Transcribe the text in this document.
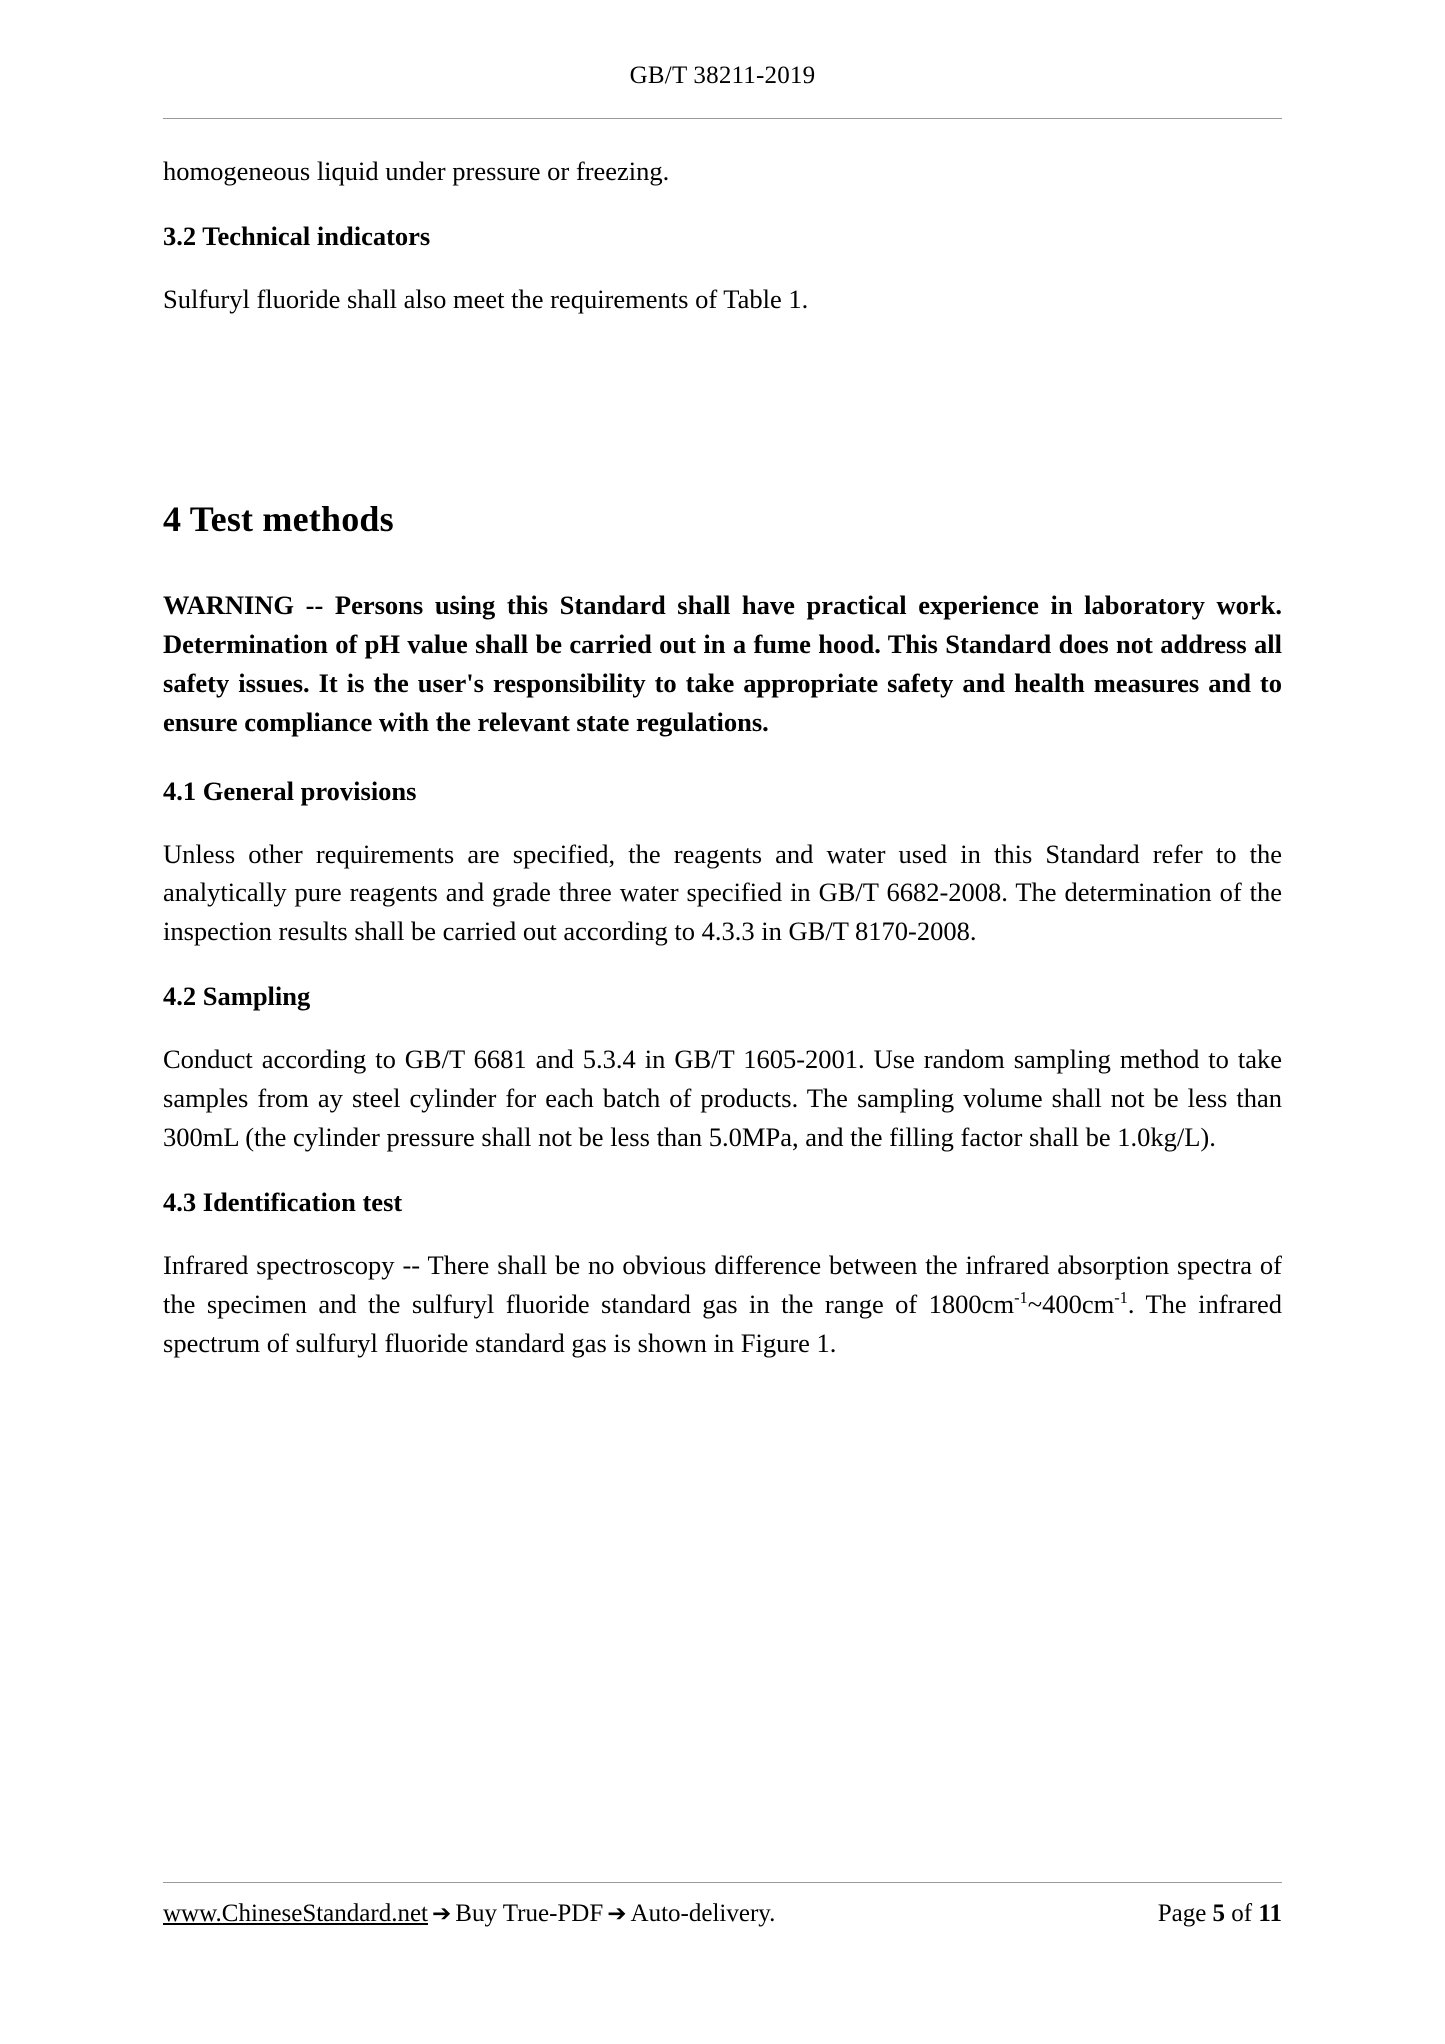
GB/T 38211-2019

homogeneous liquid under pressure or freezing.

3.2 Technical indicators

Sulfuryl fluoride shall also meet the requirements of Table 1.

4 Test methods

WARNING -- Persons using this Standard shall have practical experience in laboratory work. Determination of pH value shall be carried out in a fume hood. This Standard does not address all safety issues. It is the user's responsibility to take appropriate safety and health measures and to ensure compliance with the relevant state regulations.

4.1 General provisions

Unless other requirements are specified, the reagents and water used in this Standard refer to the analytically pure reagents and grade three water specified in GB/T 6682-2008. The determination of the inspection results shall be carried out according to 4.3.3 in GB/T 8170-2008.

4.2 Sampling

Conduct according to GB/T 6681 and 5.3.4 in GB/T 1605-2001. Use random sampling method to take samples from ay steel cylinder for each batch of products. The sampling volume shall not be less than 300mL (the cylinder pressure shall not be less than 5.0MPa, and the filling factor shall be 1.0kg/L).

4.3 Identification test

Infrared spectroscopy -- There shall be no obvious difference between the infrared absorption spectra of the specimen and the sulfuryl fluoride standard gas in the range of $1800cm^{-1}\sim 400cm^{-1}$. The infrared spectrum of sulfuryl fluoride standard gas is shown in Figure 1.

www.ChineseStandard.net ➔ Buy True-PDF ➔ Auto-delivery.	Page 5 of 11
